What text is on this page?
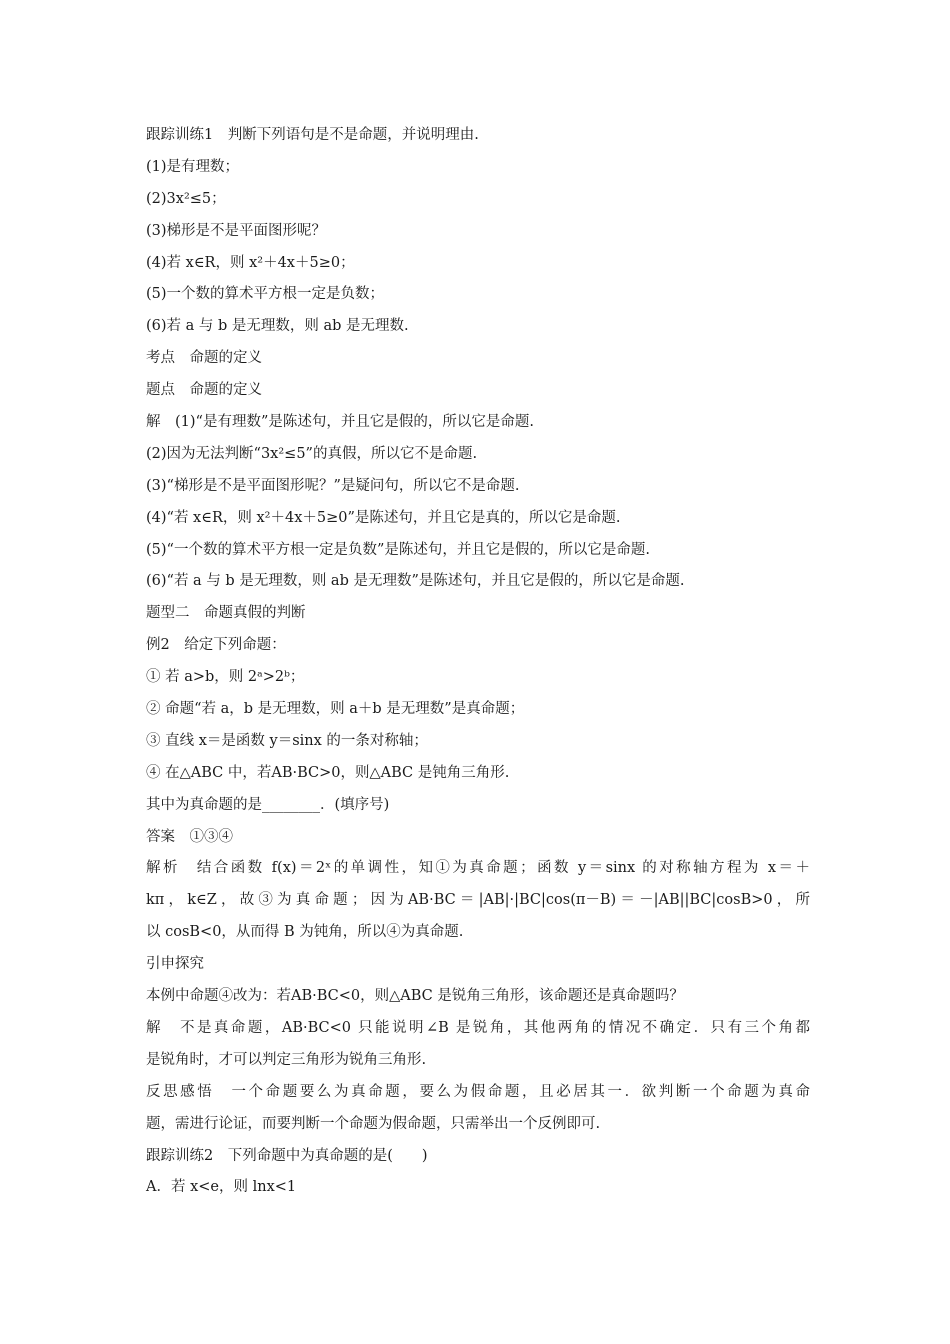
跟踪训练1　判断下列语句是不是命题，并说明理由.
(1)是有理数；
(2)3x²≤5；
(3)梯形是不是平面图形呢？
(4)若 x∈R，则 x²＋4x＋5≥0；
(5)一个数的算术平方根一定是负数；
(6)若 a 与 b 是无理数，则 ab 是无理数.
考点　命题的定义
题点　命题的定义
解　(1)“是有理数”是陈述句，并且它是假的，所以它是命题.
(2)因为无法判断“3x²≤5”的真假，所以它不是命题.
(3)“梯形是不是平面图形呢？”是疑问句，所以它不是命题.
(4)“若 x∈R，则 x²＋4x＋5≥0”是陈述句，并且它是真的，所以它是命题.
(5)“一个数的算术平方根一定是负数”是陈述句，并且它是假的，所以它是命题.
(6)“若 a 与 b 是无理数，则 ab 是无理数”是陈述句，并且它是假的，所以它是命题.
题型二　命题真假的判断
例2　给定下列命题：
① 若 a>b，则 2ᵃ>2ᵇ；
② 命题“若 a，b 是无理数，则 a＋b 是无理数”是真命题；
③ 直线 x＝是函数 y＝sinx 的一条对称轴；
④ 在△ABC 中，若AB·BC>0，则△ABC 是钝角三角形.
其中为真命题的是________．(填序号)
答案　①③④
解析　结合函数 f(x)＝2ˣ的单调性，知①为真命题；函数 y＝sinx 的对称轴方程为 x＝＋
kπ，k∈Z，故③为真命题；因为AB·BC＝|AB|·|BC|cos(π－B)＝－|AB||BC|cosB>0，所
以 cosB<0，从而得 B 为钝角，所以④为真命题.
引申探究
本例中命题④改为：若AB·BC<0，则△ABC 是锐角三角形，该命题还是真命题吗？
解　不是真命题，AB·BC<0 只能说明∠B 是锐角，其他两角的情况不确定．只有三个角都
是锐角时，才可以判定三角形为锐角三角形.
反思感悟　一个命题要么为真命题，要么为假命题，且必居其一．欲判断一个命题为真命
题，需进行论证，而要判断一个命题为假命题，只需举出一个反例即可.
跟踪训练2　下列命题中为真命题的是(　　)
A．若 x<e，则 lnx<1
